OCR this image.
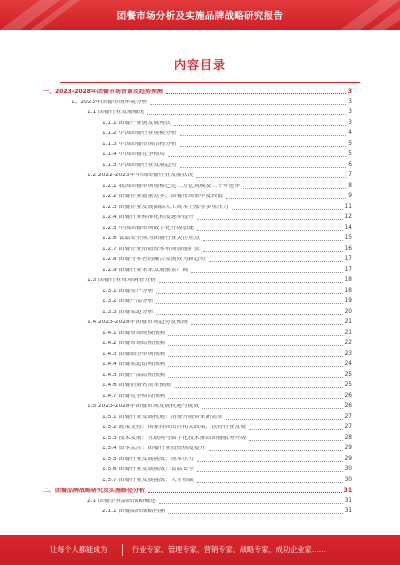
团餐市场分析及实施品牌战略研究报告
内容目录
一、2023-2028年团餐市场背景及趋势预测	3
1、2023年团餐市场环境分析	3
1.1 团餐行业发展概况	3
1.1.1 团餐产业链发展现状	3
1.1.2 中国团餐行业规模分析	4
1.1.3 中国团餐市场结构分析	5
1.1.4 中国团餐竞争格局	5
1.1.5 中国团餐行业发展趋势	6
1.2 2022-2023年中国团餐行业发展状况	7
1.2.1 我国团餐市场规模已近二万亿规模及二十年进步	8
1.2.2 团餐企业数量众多，团餐市场集中度较低	9
1.2.3 团餐企业发展面临人工成本上涨等多重压力	11
1.2.4 团餐行业标准化程度逐步提升	12
1.2.5 中国团餐市场数字化升级加速	14
1.2.6 食品安全成为团餐行业关注焦点	15
1.2.7 团餐企业借助资本市场加速扩张	16
1.2.8 团餐与零售的融合发展成为新趋势	17
1.2.9 团餐行业未来发展前景广阔	17
1.3 团餐行业市场调查分析	18
1.3.1 团餐用户分析	18
1.3.2 团餐产品分析	19
1.3.3 团餐渠道分析	20
1.4 2023-2028年团餐市场趋势及预测	21
1.4.1 团餐市场规模预测	21
1.4.2 团餐市场结构预测	22
1.4.3 团餐细分市场预测	23
1.4.4 团餐渠道结构预测	24
1.4.5 团餐产品结构预测	25
1.4.6 团餐消费者需求预测	25
1.4.7 团餐竞争格局预测	26
1.5 2023-2028年团餐市场发展机遇与挑战	26
1.5.1 团餐行业发展机遇：消费升级带来新需求	27
1.5.2 政策支持：国家持续出台相关政策，扶持行业发展	27
1.5.3 技术发展：互联网与数字化技术推动团餐服务升级	28
1.5.4 资本关注：团餐行业投资热度提升	29
1.5.5 团餐行业发展挑战：成本压力	29
1.5.6 团餐行业发展挑战：食品安全	30
1.5.7 团餐行业发展挑战：人才短缺	30
二、团餐品牌战略研究及实施路径分析	31
2.1 团餐企业品牌战略概述	31
2.1.1 团餐品牌战略内涵	31
让每个人都能成为	行业专家、管理专家、营销专家、战略专家、成功企业家……
